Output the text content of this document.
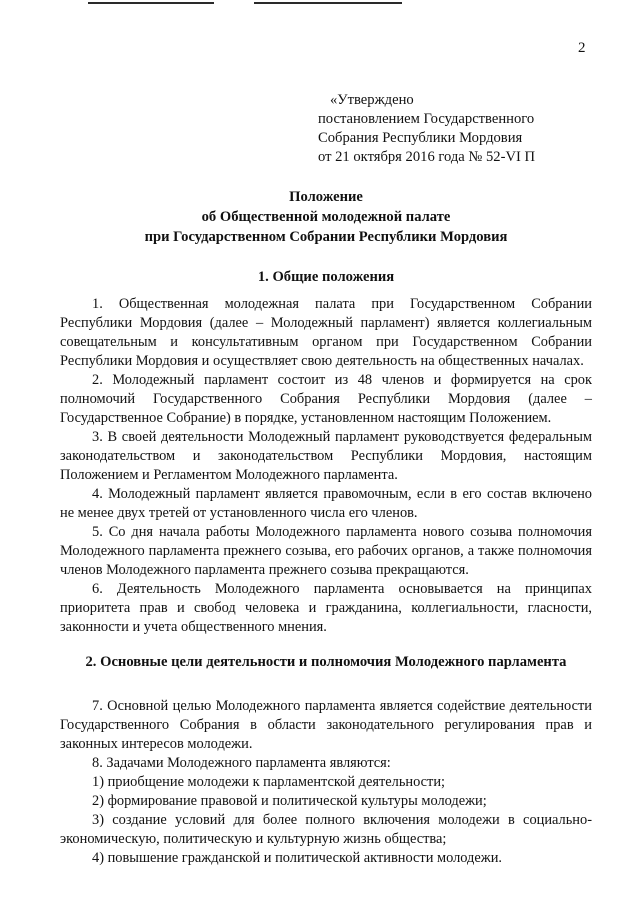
2
«Утверждено
постановлением Государственного
Собрания Республики Мордовия
от 21 октября 2016 года № 52-VI П
Положение
об Общественной молодежной палате
при Государственном Собрании Республики Мордовия
1. Общие положения

1. Общественная молодежная палата при Государственном Собрании Республики Мордовия (далее – Молодежный парламент) является коллегиальным совещательным и консультативным органом при Государственном Собрании Республики Мордовия и осуществляет свою деятельность на общественных началах.

2. Молодежный парламент состоит из 48 членов и формируется на срок полномочий Государственного Собрания Республики Мордовия (далее – Государственное Собрание) в порядке, установленном настоящим Положением.

3. В своей деятельности Молодежный парламент руководствуется федеральным законодательством и законодательством Республики Мордовия, настоящим Положением и Регламентом Молодежного парламента.

4. Молодежный парламент является правомочным, если в его состав включено не менее двух третей от установленного числа его членов.

5. Со дня начала работы Молодежного парламента нового созыва полномочия Молодежного парламента прежнего созыва, его рабочих органов, а также полномочия членов Молодежного парламента прежнего созыва прекращаются.

6. Деятельность Молодежного парламента основывается на принципах приоритета прав и свобод человека и гражданина, коллегиальности, гласности, законности и учета общественного мнения.

2. Основные цели деятельности и полномочия Молодежного парламента

7. Основной целью Молодежного парламента является содействие деятельности Государственного Собрания в области законодательного регулирования прав и законных интересов молодежи.

8. Задачами Молодежного парламента являются:

1) приобщение молодежи к парламентской деятельности;

2) формирование правовой и политической культуры молодежи;

3) создание условий для более полного включения молодежи в социально-экономическую, политическую и культурную жизнь общества;

4) повышение гражданской и политической активности молодежи.
